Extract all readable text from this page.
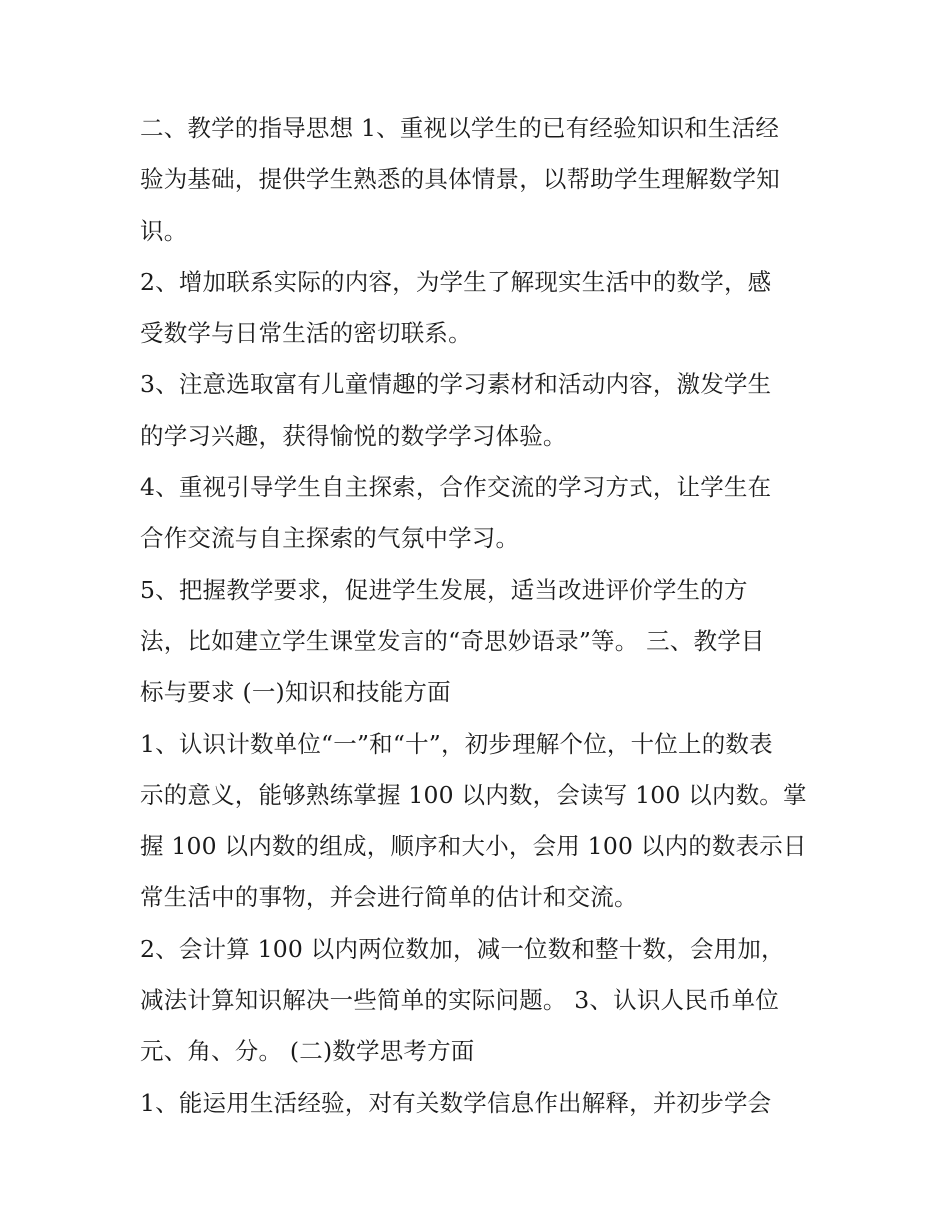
二、教学的指导思想 1、重视以学生的已有经验知识和生活经
验为基础，提供学生熟悉的具体情景，以帮助学生理解数学知
识。
2、增加联系实际的内容，为学生了解现实生活中的数学，感
受数学与日常生活的密切联系。
3、注意选取富有儿童情趣的学习素材和活动内容，激发学生
的学习兴趣，获得愉悦的数学学习体验。
4、重视引导学生自主探索，合作交流的学习方式，让学生在
合作交流与自主探索的气氛中学习。
5、把握教学要求，促进学生发展，适当改进评价学生的方
法，比如建立学生课堂发言的“奇思妙语录”等。 三、教学目
标与要求 (一)知识和技能方面
1、认识计数单位“一”和“十”，初步理解个位，十位上的数表
示的意义，能够熟练掌握 100 以内数，会读写 100 以内数。掌
握 100 以内数的组成，顺序和大小，会用 100 以内的数表示日
常生活中的事物，并会进行简单的估计和交流。
2、会计算 100 以内两位数加，减一位数和整十数，会用加，
减法计算知识解决一些简单的实际问题。 3、认识人民币单位
元、角、分。 (二)数学思考方面
1、能运用生活经验，对有关数学信息作出解释，并初步学会
